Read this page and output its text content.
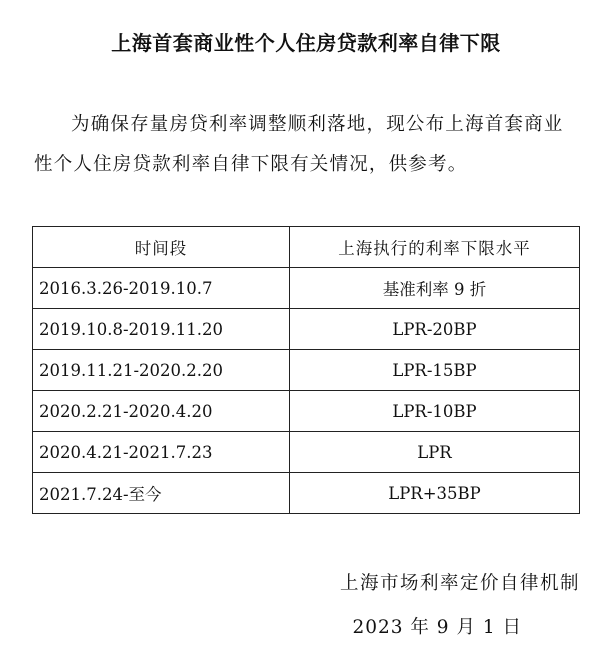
上海首套商业性个人住房贷款利率自律下限

为确保存量房贷利率调整顺利落地，现公布上海首套商业性个人住房贷款利率自律下限有关情况，供参考。

时间段	上海执行的利率下限水平
2016.3.26-2019.10.7	基准利率 9 折
2019.10.8-2019.11.20	LPR-20BP
2019.11.21-2020.2.20	LPR-15BP
2020.2.21-2020.4.20	LPR-10BP
2020.4.21-2021.7.23	LPR
2021.7.24-至今	LPR+35BP
上海市场利率定价自律机制
2023 年 9 月 1 日
